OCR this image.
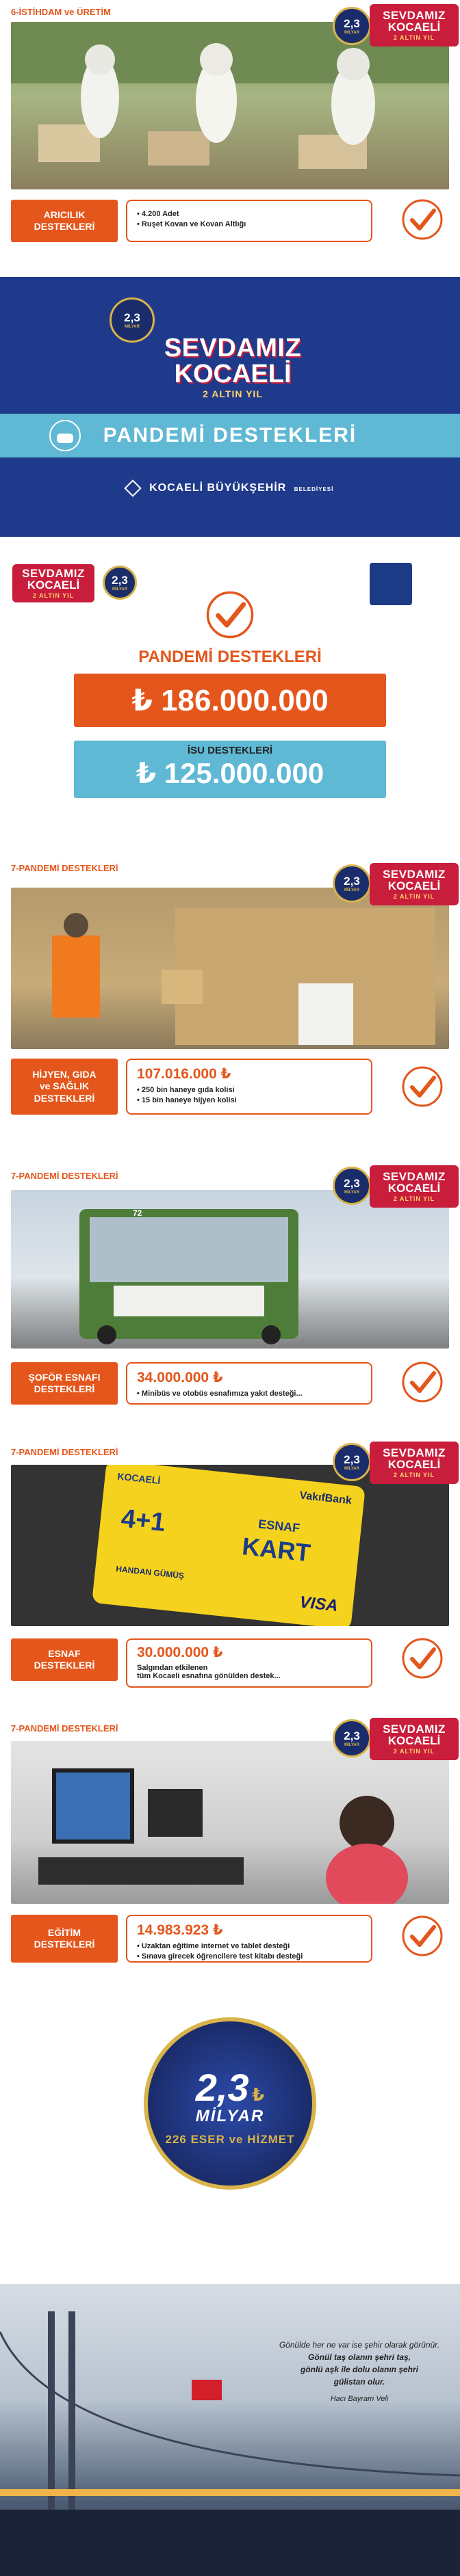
6-İSTİHDAM ve ÜRETİM
ARICILIK
DESTEKLERİ
• 4.200 Adet
• Ruşet Kovan ve Kovan Altlığı
2,3
MİLYAR
SEVDAMIZ
KOCAELİ
2 ALTIN YIL
2,3
MİLYAR
SEVDAMIZ
KOCAELİ
2 ALTIN YIL
PANDEMİ DESTEKLERİ
KOCAELİ BÜYÜKŞEHİR BELEDİYESİ
SEVDAMIZ
KOCAELİ
2 ALTIN YIL
2,3
MİLYAR
PANDEMİ DESTEKLERİ
₺ 186.000.000
İSU DESTEKLERİ
₺ 125.000.000
7-PANDEMİ DESTEKLERİ
HİJYEN, GIDA
ve SAĞLIK
DESTEKLERİ
107.016.000 ₺
• 250 bin haneye gıda kolisi
• 15 bin haneye hijyen kolisi
2,3
MİLYAR
SEVDAMIZ
KOCAELİ
2 ALTIN YIL
7-PANDEMİ DESTEKLERİ
72
ŞOFÖR ESNAFI
DESTEKLERİ
34.000.000 ₺
• Minibüs ve otobüs esnafımıza yakıt desteği...
2,3
MİLYAR
SEVDAMIZ
KOCAELİ
2 ALTIN YIL
7-PANDEMİ DESTEKLERİ
KOCAELİ
VakıfBank
4+1	ESNAF
KART
HANDAN GÜMÜŞ
VISA
ESNAF
DESTEKLERİ
30.000.000 ₺
Salgından etkilenen
tüm Kocaeli esnafına gönülden destek...
2,3
MİLYAR
SEVDAMIZ
KOCAELİ
2 ALTIN YIL
7-PANDEMİ DESTEKLERİ
EĞİTİM
DESTEKLERİ
14.983.923 ₺
• Uzaktan eğitime internet ve tablet desteği
• Sınava girecek öğrencilere test kitabı desteği
2,3
MİLYAR
SEVDAMIZ
KOCAELİ
2 ALTIN YIL
2,3 ₺
MİLYAR
226 ESER ve HİZMET
Gönülde her ne var ise şehir olarak görünür.
Gönül taş olanın şehri taş,
gönlü aşk ile dolu olanın şehri
gülistan olur.
Hacı Bayram Veli
